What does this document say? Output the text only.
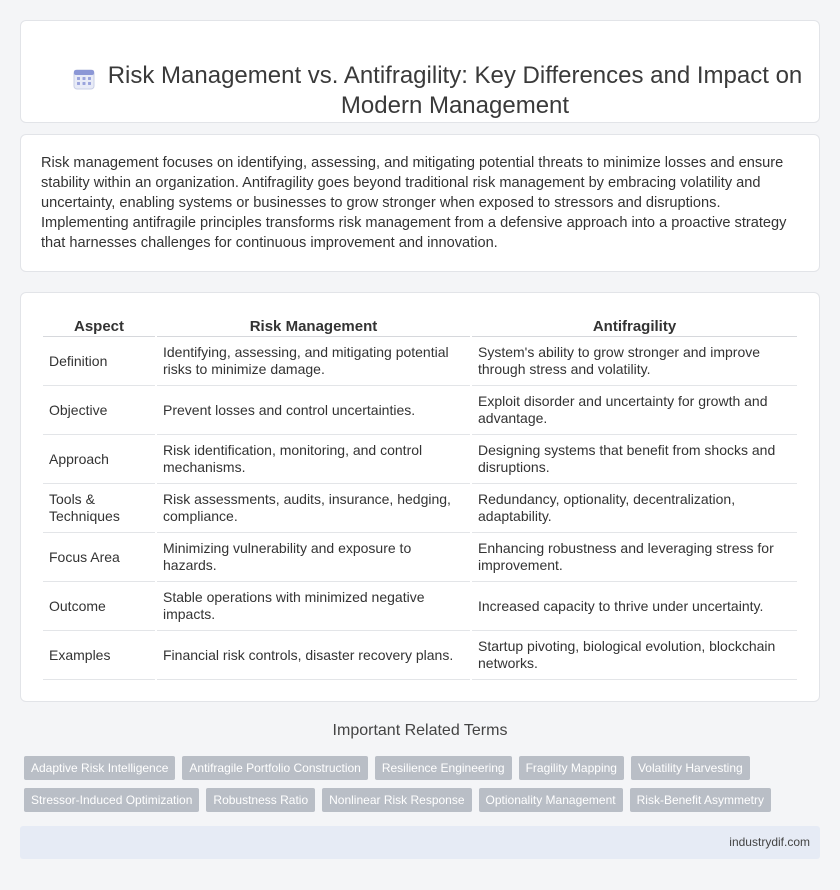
Risk Management vs. Antifragility: Key Differences and Impact on Modern Management

Risk management focuses on identifying, assessing, and mitigating potential threats to minimize losses and ensure stability within an organization. Antifragility goes beyond traditional risk management by embracing volatility and uncertainty, enabling systems or businesses to grow stronger when exposed to stressors and disruptions. Implementing antifragile principles transforms risk management from a defensive approach into a proactive strategy that harnesses challenges for continuous improvement and innovation.

Aspect	Risk Management	Antifragility
Definition	Identifying, assessing, and mitigating potential risks to minimize damage.	System's ability to grow stronger and improve through stress and volatility.
Objective	Prevent losses and control uncertainties.	Exploit disorder and uncertainty for growth and advantage.
Approach	Risk identification, monitoring, and control mechanisms.	Designing systems that benefit from shocks and disruptions.
Tools & Techniques	Risk assessments, audits, insurance, hedging, compliance.	Redundancy, optionality, decentralization, adaptability.
Focus Area	Minimizing vulnerability and exposure to hazards.	Enhancing robustness and leveraging stress for improvement.
Outcome	Stable operations with minimized negative impacts.	Increased capacity to thrive under uncertainty.
Examples	Financial risk controls, disaster recovery plans.	Startup pivoting, biological evolution, blockchain networks.
Important Related Terms
Adaptive Risk Intelligence	Antifragile Portfolio Construction	Resilience Engineering	Fragility Mapping	Volatility Harvesting
Stressor-Induced Optimization	Robustness Ratio	Nonlinear Risk Response	Optionality Management	Risk-Benefit Asymmetry
industrydif.com
